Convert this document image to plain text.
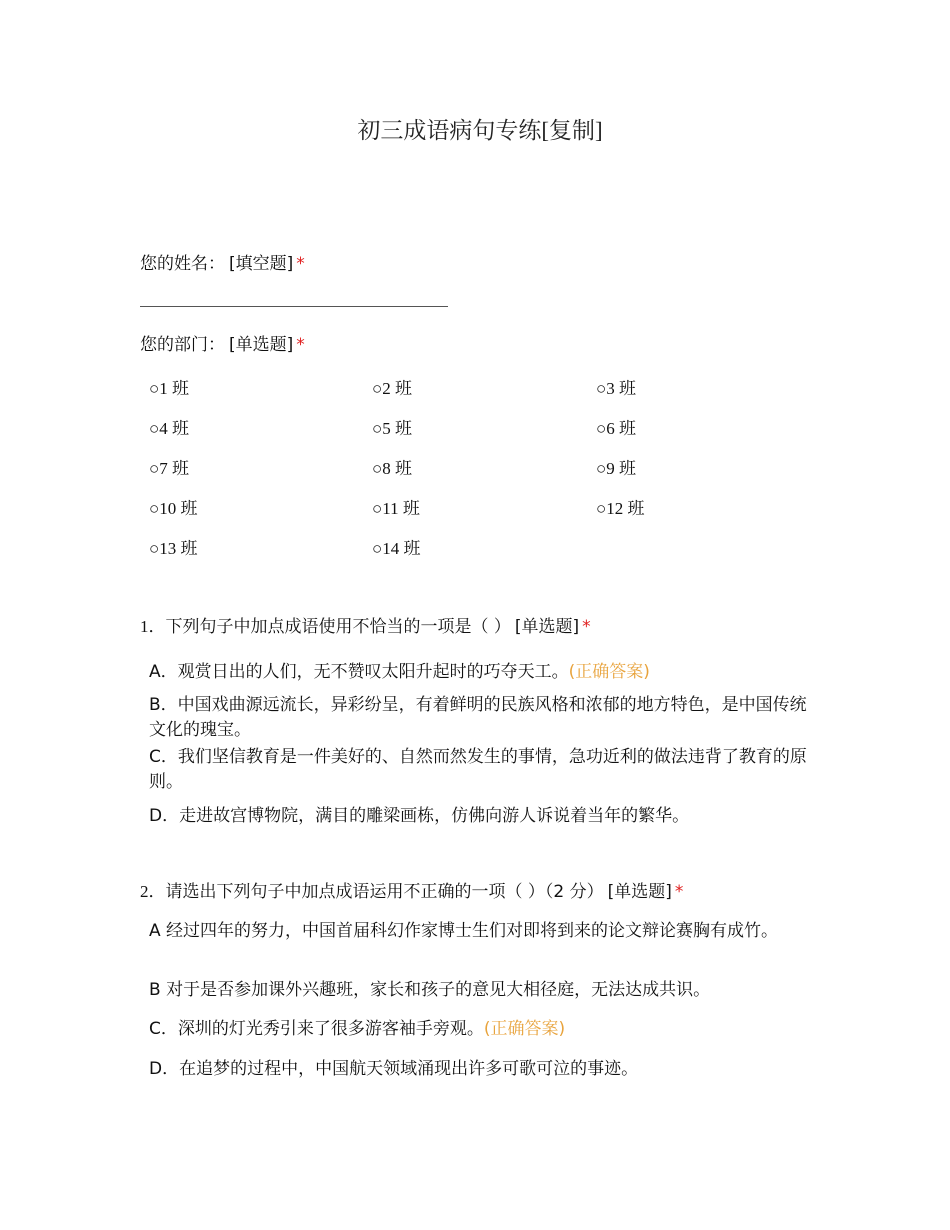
初三成语病句专练[复制]
您的姓名： [填空题] *
您的部门： [单选题] *
○1 班	○2 班	○3 班
○4 班	○5 班	○6 班
○7 班	○8 班	○9 班
○10 班	○11 班	○12 班
○13 班	○14 班
1．下列句子中加点成语使用不恰当的一项是（ ） [单选题] *
A．观赏日出的人们，无不赞叹太阳升起时的巧夺天工。(正确答案)
B．中国戏曲源远流长，异彩纷呈，有着鲜明的民族风格和浓郁的地方特色，是中国传统文化的瑰宝。
C．我们坚信教育是一件美好的、自然而然发生的事情，急功近利的做法违背了教育的原则。
D．走进故宫博物院，满目的雕梁画栋，仿佛向游人诉说着当年的繁华。
2．请选出下列句子中加点成语运用不正确的一项（ ）（2 分） [单选题] *
A 经过四年的努力，中国首届科幻作家博士生们对即将到来的论文辩论赛胸有成竹。
B 对于是否参加课外兴趣班，家长和孩子的意见大相径庭，无法达成共识。
C．深圳的灯光秀引来了很多游客袖手旁观。(正确答案)
D．在追梦的过程中，中国航天领域涌现出许多可歌可泣的事迹。
